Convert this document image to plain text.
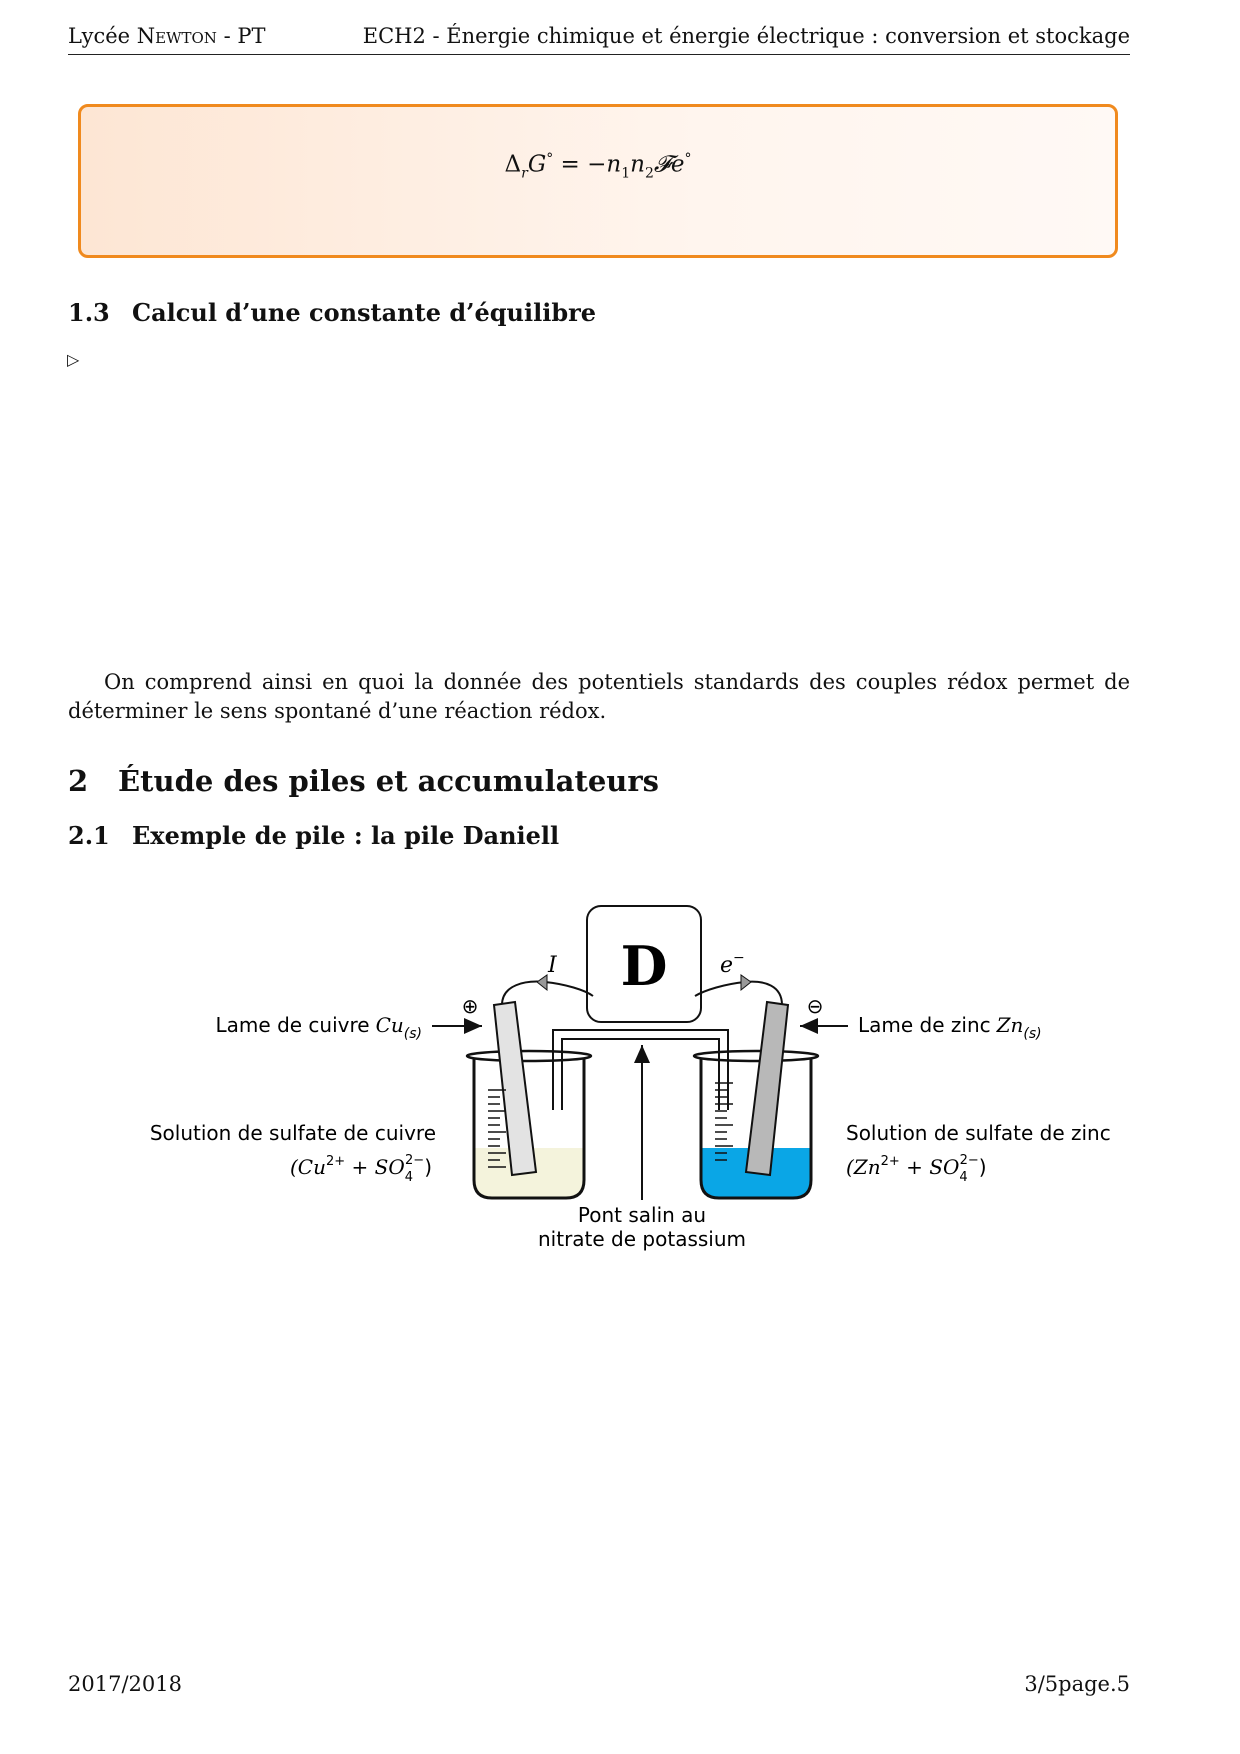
Lycée Newton - PT	ECH2 - Énergie chimique et énergie électrique : conversion et stockage
$\Delta_rG^\circ$ = $-n_1n_2𝓕e^\circ$
1.3 Calcul d’une constante d’équilibre
▷

On comprend ainsi en quoi la donnée des potentiels standards des couples rédox permet de déterminer le sens spontané d’une réaction rédox.

2 Étude des piles et accumulateurs
2.1 Exemple de pile : la pile Daniell
D
I	e−
⊕	⊖
Lame de cuivre $Cu_{(s)}$	Lame de zinc $Zn_{(s)}$
Solution de sulfate de cuivre
$(Cu^{2+} + SO_42-)$
Solution de sulfate de zinc
$(Zn^{2+} + SO_42-)$
Pont salin au
nitrate de potassium
2017/2018	3/5page.5
